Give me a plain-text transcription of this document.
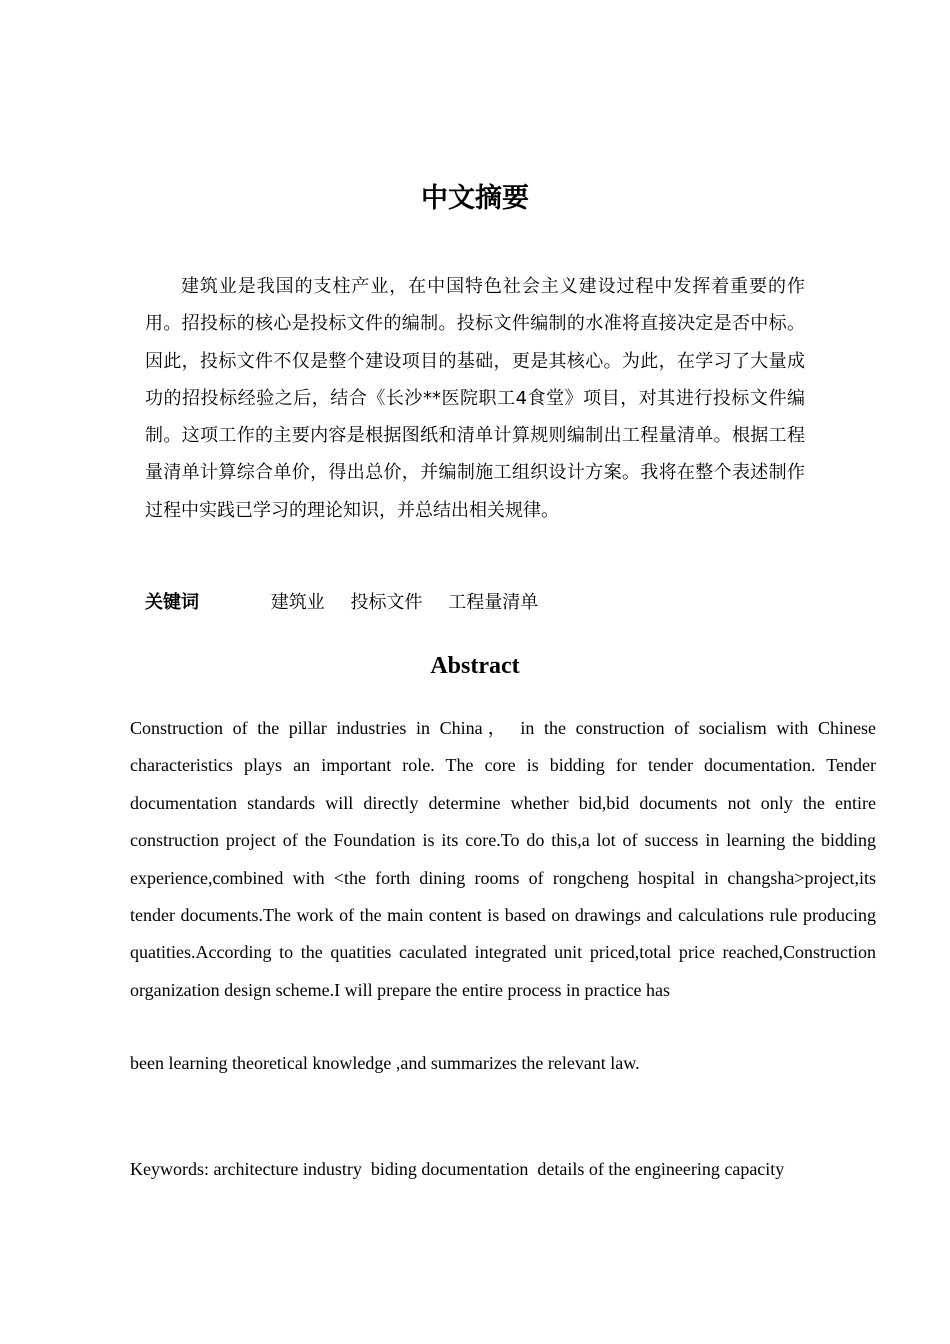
中文摘要

建筑业是我国的支柱产业，在中国特色社会主义建设过程中发挥着重要的作用。招投标的核心是投标文件的编制。投标文件编制的水准将直接决定是否中标。因此，投标文件不仅是整个建设项目的基础，更是其核心。为此，在学习了大量成功的招投标经验之后，结合《长沙**医院职工4食堂》项目，对其进行投标文件编制。这项工作的主要内容是根据图纸和清单计算规则编制出工程量清单。根据工程量清单计算综合单价，得出总价，并编制施工组织设计方案。我将在整个表述制作过程中实践已学习的理论知识，并总结出相关规律。

关键词	建筑业 投标文件 工程量清单
Abstract

Construction of the pillar industries in China， in the construction of socialism with Chinese characteristics plays an important role. The core is bidding for tender documentation. Tender documentation standards will directly determine whether bid,bid documents not only the entire construction project of the Foundation is its core.To do this,a lot of success in learning the bidding experience,combined with <the forth dining rooms of rongcheng hospital in changsha>project,its tender documents.The work of the main content is based on drawings and calculations rule producing quatities.According to the quatities caculated integrated unit priced,total price reached,Construction organization design scheme.I will prepare the entire process in practice has

been learning theoretical knowledge ,and summarizes the relevant law.

Keywords: architecture industry  biding documentation  details of the engineering capacity
